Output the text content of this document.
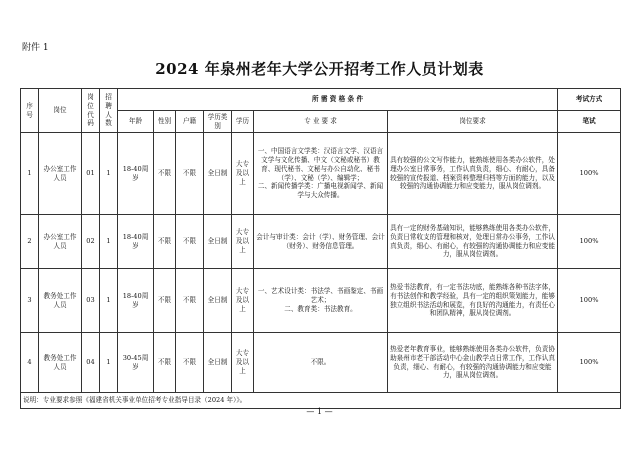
附件 1
2024 年泉州老年大学公开招考工作人员计划表
序号	岗位	岗位代码	招聘人数	所 需 资 格 条 件							考试方式
				年龄	性别	户籍	学历类别	学历	专 业 要 求	岗位要求	笔试
1	办公室工作人员	01	1	18-40周岁	不限	不限	全日制	大专及以上	一、中国语言文学类：汉语言文学、汉语言文学与文化传播、中文（文秘或秘书）教育、现代秘书、文秘与办公自动化、秘书（学）、文秘（学）、编辑学；
二、新闻传播学类：广播电视新闻学、新闻学与大众传播。	具有较强的公文写作能力，能熟练使用各类办公软件，处理办公室日常事务，工作认真负责，细心、有耐心，具备较强的宣传报道、档案资料整理归档等方面的能力，以及较强的沟通协调能力和应变能力，服从岗位调剂。	100%
2	办公室工作人员	02	1	18-40周岁	不限	不限	全日制	大专及以上	会计与审计类：会计（学）、财务管理、会计（财务）、财务信息管理。	具有一定的财务基础知识，能够熟练使用各类办公软件，负责日常收支的管理和核对，处理日常办公事务，工作认真负责，细心、有耐心，有较强的沟通协调能力和应变能力，服从岗位调剂。	100%
3	教务处工作人员	03	1	18-40周岁	不限	不限	全日制	大专及以上	一、艺术设计类：书法学、书画鉴定、书画艺术；
二、教育类：书法教育。	热爱书法教育，有一定书法功底，能熟练各种书法字体，有书法创作和教学经验，具有一定的组织策划能力，能够独立组织书法活动和展览，有良好的沟通能力，有责任心和团队精神，服从岗位调剂。	100%
4	教务处工作人员	04	1	30-45周岁	不限	不限	全日制	大专及以上	不限。	热爱老年教育事业，能够熟练使用各类办公软件，负责协助泉州市老干部活动中心金山教学点日常工作，工作认真负责，细心、有耐心，有较强的沟通协调能力和应变能力，服从岗位调剂。	100%
说明：专业要求参照《福建省机关事业单位招考专业指导目录（2024 年）》。											
— 1 —
